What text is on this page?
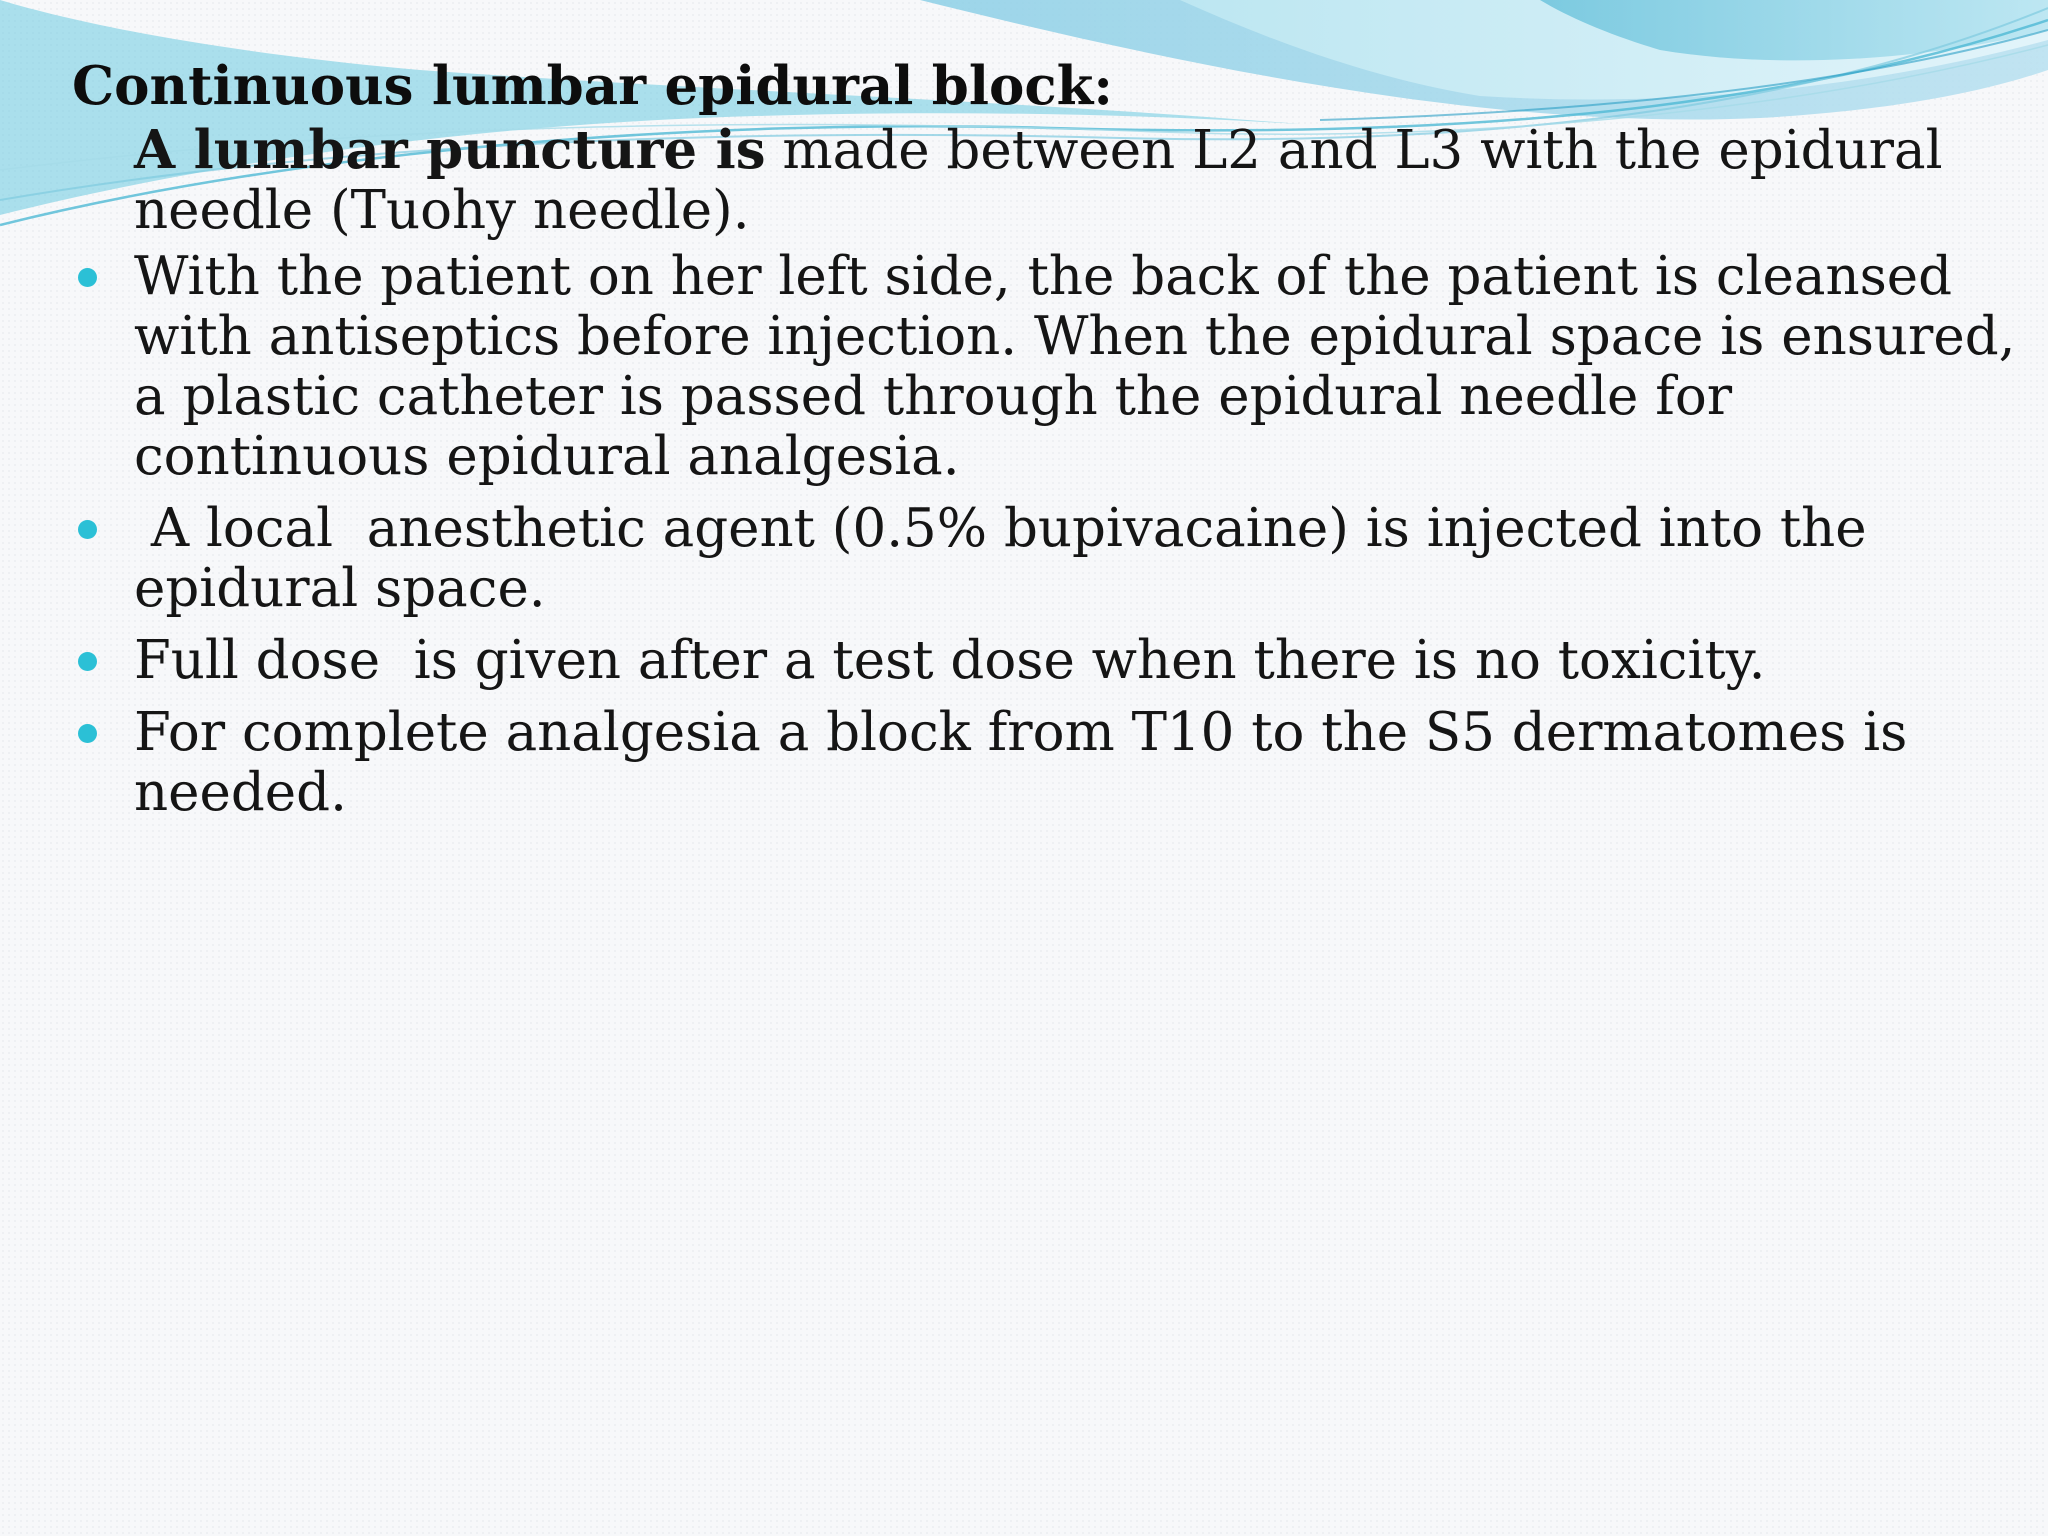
Continuous lumbar epidural block:

A lumbar puncture is made between L2 and L3 with the epidural needle (Tuohy needle).

With the patient on her left side, the back of the patient is cleansed with antiseptics before injection. When the epidural space is ensured, a plastic catheter is passed through the epidural needle for continuous epidural analgesia.
A local  anesthetic agent (0.5% bupivacaine) is injected into the epidural space.
Full dose  is given after a test dose when there is no toxicity.
For complete analgesia a block from T10 to the S5 dermatomes is needed.
